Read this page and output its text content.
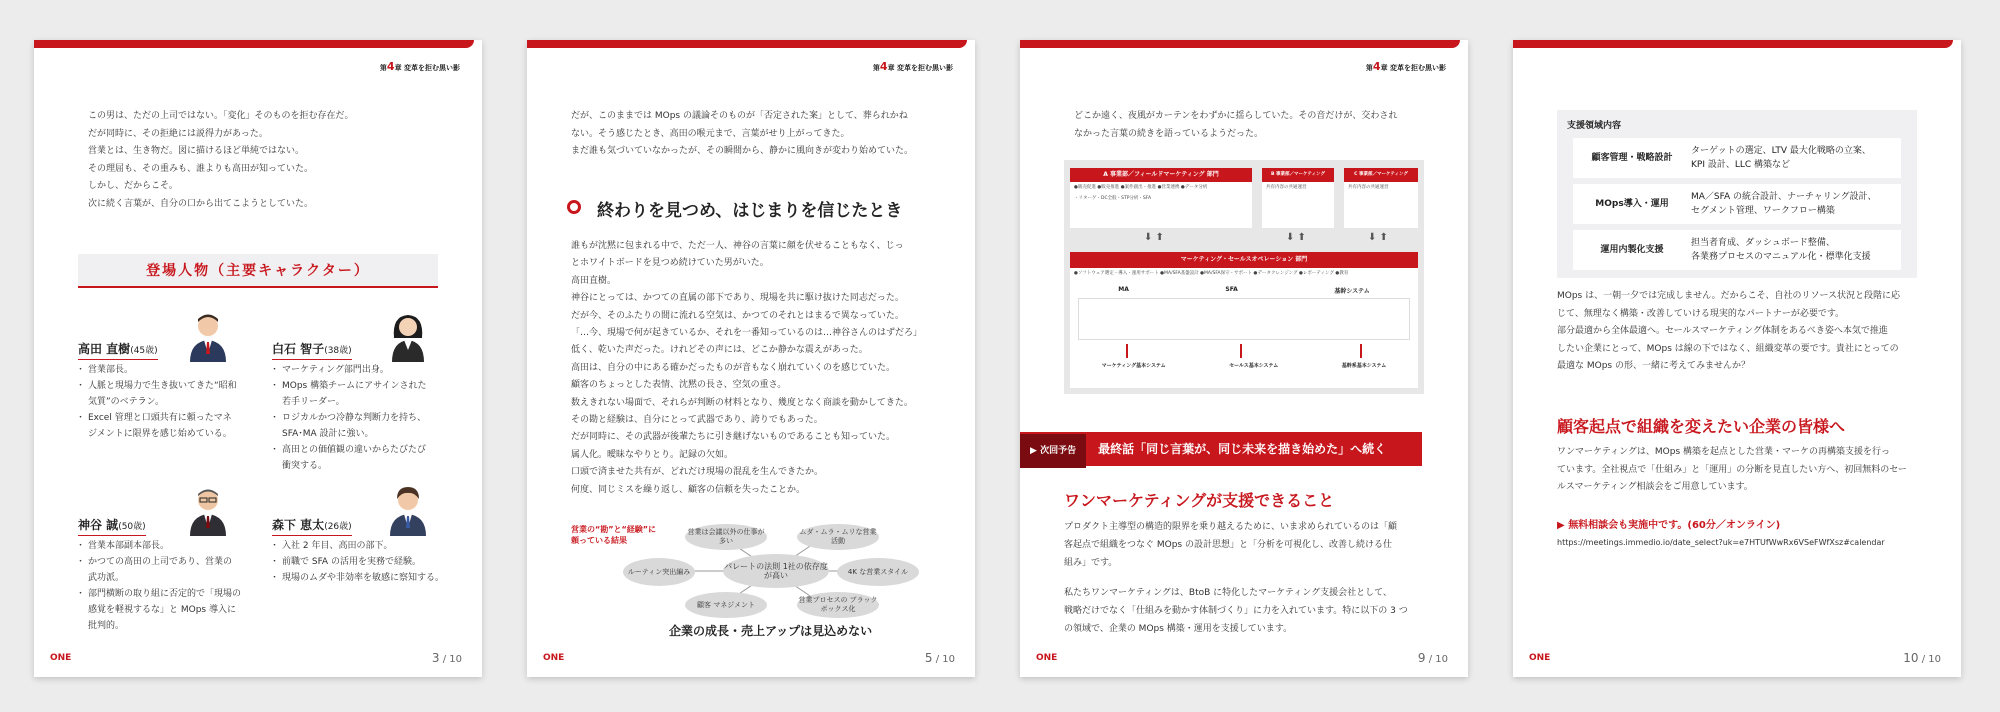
第4章 変革を拒む黒い影
この男は、ただの上司ではない。「変化」そのものを拒む存在だ。
だが同時に、その拒絶には説得力があった。
営業とは、生き物だ。図に描けるほど単純ではない。
その理屈も、その重みも、誰よりも高田が知っていた。
しかし、だからこそ。
次に続く言葉が、自分の口から出てこようとしていた。
登場人物（主要キャラクター）
高田 直樹(45歳)	白石 智子(38歳)
・ 営業部長。
・ 人脈と現場力で生き抜いてきた“昭和
気質”のベテラン。
・ Excel 管理と口頭共有に頼ったマネ
ジメントに限界を感じ始めている。
・ マーケティング部門出身。
・ MOps 構築チームにアサインされた
若手リーダー。
・ ロジカルかつ冷静な判断力を持ち、
SFA･MA 設計に強い。
・ 高田との価値観の違いからたびたび
衝突する。
神谷 誠(50歳)	森下 恵太(26歳)
・ 営業本部副本部長。
・ かつての高田の上司であり、営業の
武功派。
・ 部門横断の取り組に否定的で「現場の
感覚を軽視するな」と MOps 導入に
批判的。
・ 入社 2 年目、高田の部下。
・ 前職で SFA の活用を実務で経験。
・ 現場のムダや非効率を敏感に察知する。
ONE	3 / 10
第4章 変革を拒む黒い影
だが、このままでは MOps の議論そのものが「否定された案」として、葬られかね
ない。そう感じたとき、高田の喉元まで、言葉がせり上がってきた。
まだ誰も気づいていなかったが、その瞬間から、静かに風向きが変わり始めていた。
終わりを見つめ、はじまりを信じたとき
誰もが沈黙に包まれる中で、ただ一人、神谷の言葉に顔を伏せることもなく、じっ
とホワイトボードを見つめ続けていた男がいた。
高田直樹。
神谷にとっては、かつての直属の部下であり、現場を共に駆け抜けた同志だった。
だが今、そのふたりの間に流れる空気は、かつてのそれとはまるで異なっていた。
「…今、現場で何が起きているか、それを一番知っているのは…神谷さんのはずだろ」
低く、乾いた声だった。けれどその声には、どこか静かな震えがあった。
高田は、自分の中にある確かだったものが音もなく崩れていくのを感じていた。
顧客のちょっとした表情、沈黙の長さ、空気の重さ。
数えきれない場面で、それらが判断の材料となり、幾度となく商談を動かしてきた。
その勘と経験は、自分にとって武器であり、誇りでもあった。
だが同時に、その武器が後輩たちに引き継げないものであることも知っていた。
属人化。曖昧なやりとり。記録の欠如。
口頭で済ませた共有が、どれだけ現場の混乱を生んできたか。
何度、同じミスを繰り返し、顧客の信頼を失ったことか。
営業の“勘”と“経験”に
頼っている結果
営業は会議以外の仕事が多い
ムダ・ムラ・ムリな営業活動
ルーティン突出編み
パレートの法則 1社の依存度が高い	4K な営業スタイル
顧客 マネジメント
営業プロセスの ブラックボックス化
企業の成長・売上アップは見込めない
ONE	5 / 10
第4章 変革を拒む黒い影
どこか遠く、夜風がカーテンをわずかに揺らしていた。その音だけが、交わされ
なかった言葉の続きを語っているようだった。
A 事業部／フィールドマーケティング 部門
●販売促進 ●販売推進 ●案件創出・推進 ●営業連携 ●データ分析
・リターゲ・DC全般・STP分析・SFA
B 事業部／マーケティング
共有内容の共通運営
C 事業部／マーケティング
共有内容の共通運営
⬇ ⬆	⬇ ⬆	⬇ ⬆
マーケティング・セールスオペレーション 部門
●ソフトウェア選定・導入・運用サポート ●MA/SFA基盤設計 ●MA/SFA保守・サポート ●データクレンジング ●レポーティング ●教育
MA	SFA	基幹システム
マーケティング基本システム	セールス基本システム	基幹系基本システム
▶ 次回予告 最終話「同じ言葉が、同じ未来を描き始めた」へ続く
ワンマーケティングが支援できること
プロダクト主導型の構造的限界を乗り越えるために、いま求められているのは「顧
客起点で組織をつなぐ MOps の設計思想」と「分析を可視化し、改善し続ける仕
組み」です。
私たちワンマーケティングは、BtoB に特化したマーケティング支援会社として、
戦略だけでなく「仕組みを動かす体制づくり」に力を入れています。特に以下の 3 つ
の領域で、企業の MOps 構築・運用を支援しています。
ONE	9 / 10
支援領域内容
顧客管理・戦略設計
ターゲットの選定、LTV 最大化戦略の立案、
KPI 設計、LLC 構築など
MOps導入・運用
MA／SFA の統合設計、ナーチャリング設計、
セグメント管理、ワークフロー構築
運用内製化支援
担当者育成、ダッシュボード整備、
各業務プロセスのマニュアル化・標準化支援
MOps は、一朝一夕では完成しません。だからこそ、自社のリソース状況と段階に応
じて、無理なく構築・改善していける現実的なパートナーが必要です。
部分最適から全体最適へ。セールスマーケティング体制をあるべき姿へ本気で推進
したい企業にとって、MOps は線の下ではなく、組織変革の要です。貴社にとっての
最適な MOps の形、一緒に考えてみませんか？
顧客起点で組織を変えたい企業の皆様へ
ワンマーケティングは、MOps 構築を起点とした営業・マーケの再構築支援を行っ
ています。全社視点で「仕組み」と「運用」の分断を見直したい方へ、初回無料のセー
ルスマーケティング相談会をご用意しています。
▶ 無料相談会も実施中です。(60分／オンライン)
https://meetings.immedio.io/date_select?uk=e7HTUfWwRx6VSeFWfXsz#calendar
ONE	10 / 10
